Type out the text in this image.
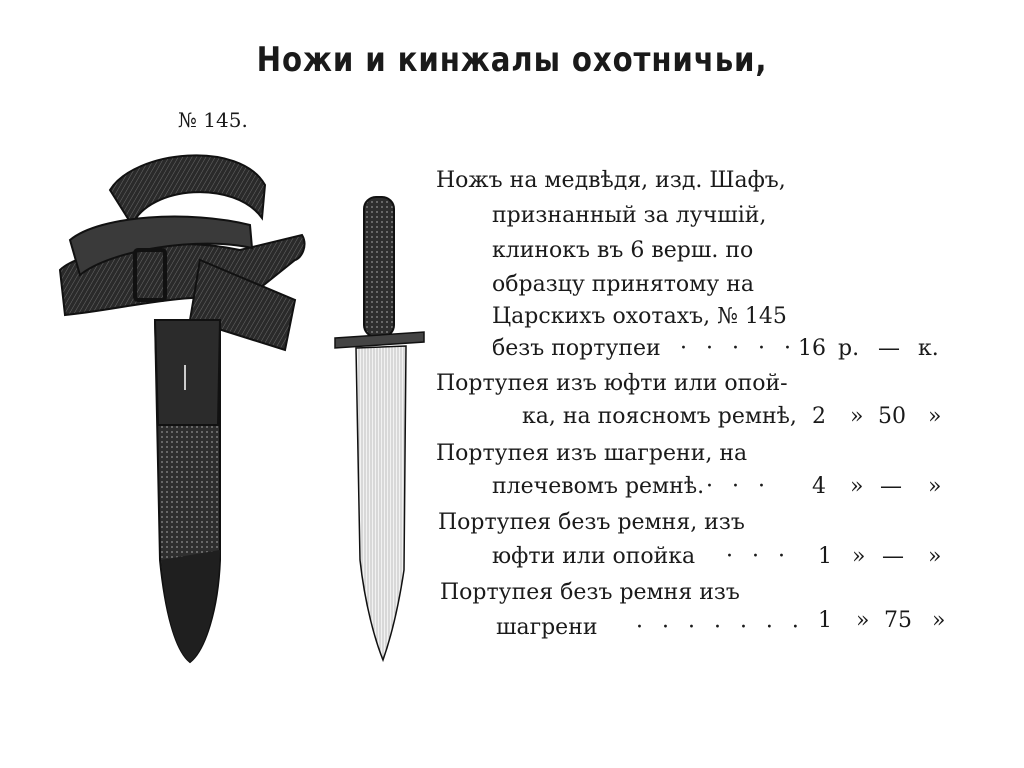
Ножи и кинжалы охотничьи,
№ 145.
Ножъ на медвѣдя, изд. Шафъ,
признанный за лучшій,
клинокъ въ 6 верш. по
образцу принятому на
Царскихъ охотахъ, № 145
безъ портупеи · · · · · 16 р. — к.
Портупея изъ юфти или опой-
ка, на поясномъ ремнѣ, 2 » 50 »
Портупея изъ шагрени, на
плечевомъ ремнѣ. · · · 4 » — »
Портупея безъ ремня, изъ
юфти или опойка · · · 1 » — »
Портупея безъ ремня изъ
шагрени · · · · · · · 1 » 75 »
